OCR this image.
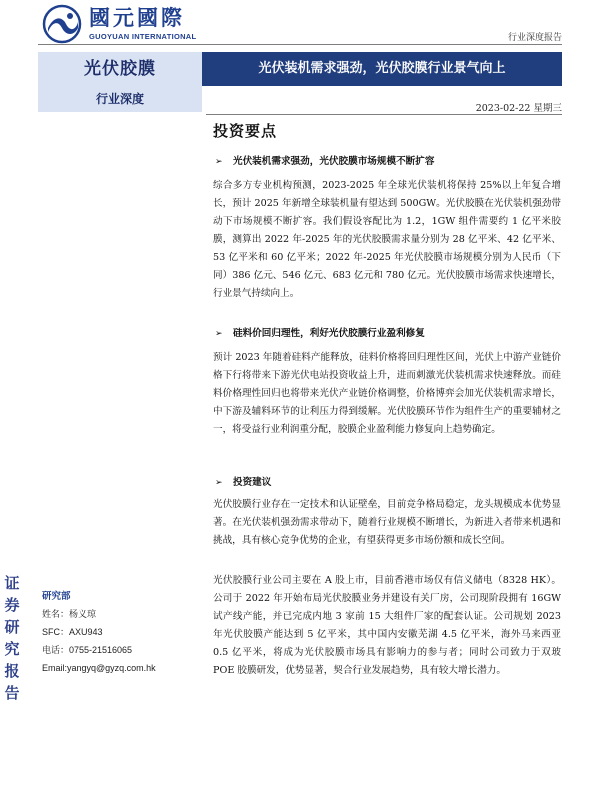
國元國際
GUOYUAN INTERNATIONAL	行业深度报告
光伏胶膜	光伏装机需求强劲，光伏胶膜行业景气向上
行业深度
2023-02-22 星期三
投资要点
➢ 光伏装机需求强劲，光伏胶膜市场规模不断扩容
综合多方专业机构预测，2023-2025 年全球光伏装机将保持 25%以上年复合增长，预计 2025 年新增全球装机量有望达到 500GW。光伏胶膜在光伏装机强劲带动下市场规模不断扩容。我们假设容配比为 1.2，1GW 组件需要约 1 亿平米胶膜，测算出 2022 年-2025 年的光伏胶膜需求量分别为 28 亿平米、42 亿平米、53 亿平米和 60 亿平米；2022 年-2025 年光伏胶膜市场规模分别为人民币（下同）386 亿元、546 亿元、683 亿元和 780 亿元。光伏胶膜市场需求快速增长，行业景气持续向上。
➢ 硅料价回归理性，利好光伏胶膜行业盈利修复
预计 2023 年随着硅料产能释放，硅料价格将回归理性区间，光伏上中游产业链价格下行将带来下游光伏电站投资收益上升，进而刺激光伏装机需求快速释放。而硅料价格理性回归也将带来光伏产业链价格调整，价格博弈会加光伏装机需求增长，中下游及辅料环节的让利压力得到缓解。光伏胶膜环节作为组件生产的重要辅材之一，将受益行业利润重分配，胶膜企业盈利能力修复向上趋势确定。
➢ 投资建议
光伏胶膜行业存在一定技术和认证壁垒，目前竞争格局稳定，龙头规模成本优势显著。在光伏装机强劲需求带动下，随着行业规模不断增长，为新进入者带来机遇和挑战，具有核心竞争优势的企业，有望获得更多市场份额和成长空间。
光伏胶膜行业公司主要在 A 股上市，目前香港市场仅有信义储电（8328 HK）。公司于 2022 年开始布局光伏胶膜业务并建设有关厂房，公司现阶段拥有 16GW 试产线产能，并已完成内地 3 家前 15 大组件厂家的配套认证。公司规划 2023 年光伏胶膜产能达到 5 亿平米，其中国内安徽芜湖 4.5 亿平米，海外马来西亚 0.5 亿平米，将成为光伏胶膜市场具有影响力的参与者；同时公司致力于双玻 POE 胶膜研发，优势显著，契合行业发展趋势，具有较大增长潜力。
研究部
姓名：杨义琼
SFC：AXU943
电话：0755-21516065
Email:yangyq@gyzq.com.hk
证
券
研
究
报
告
